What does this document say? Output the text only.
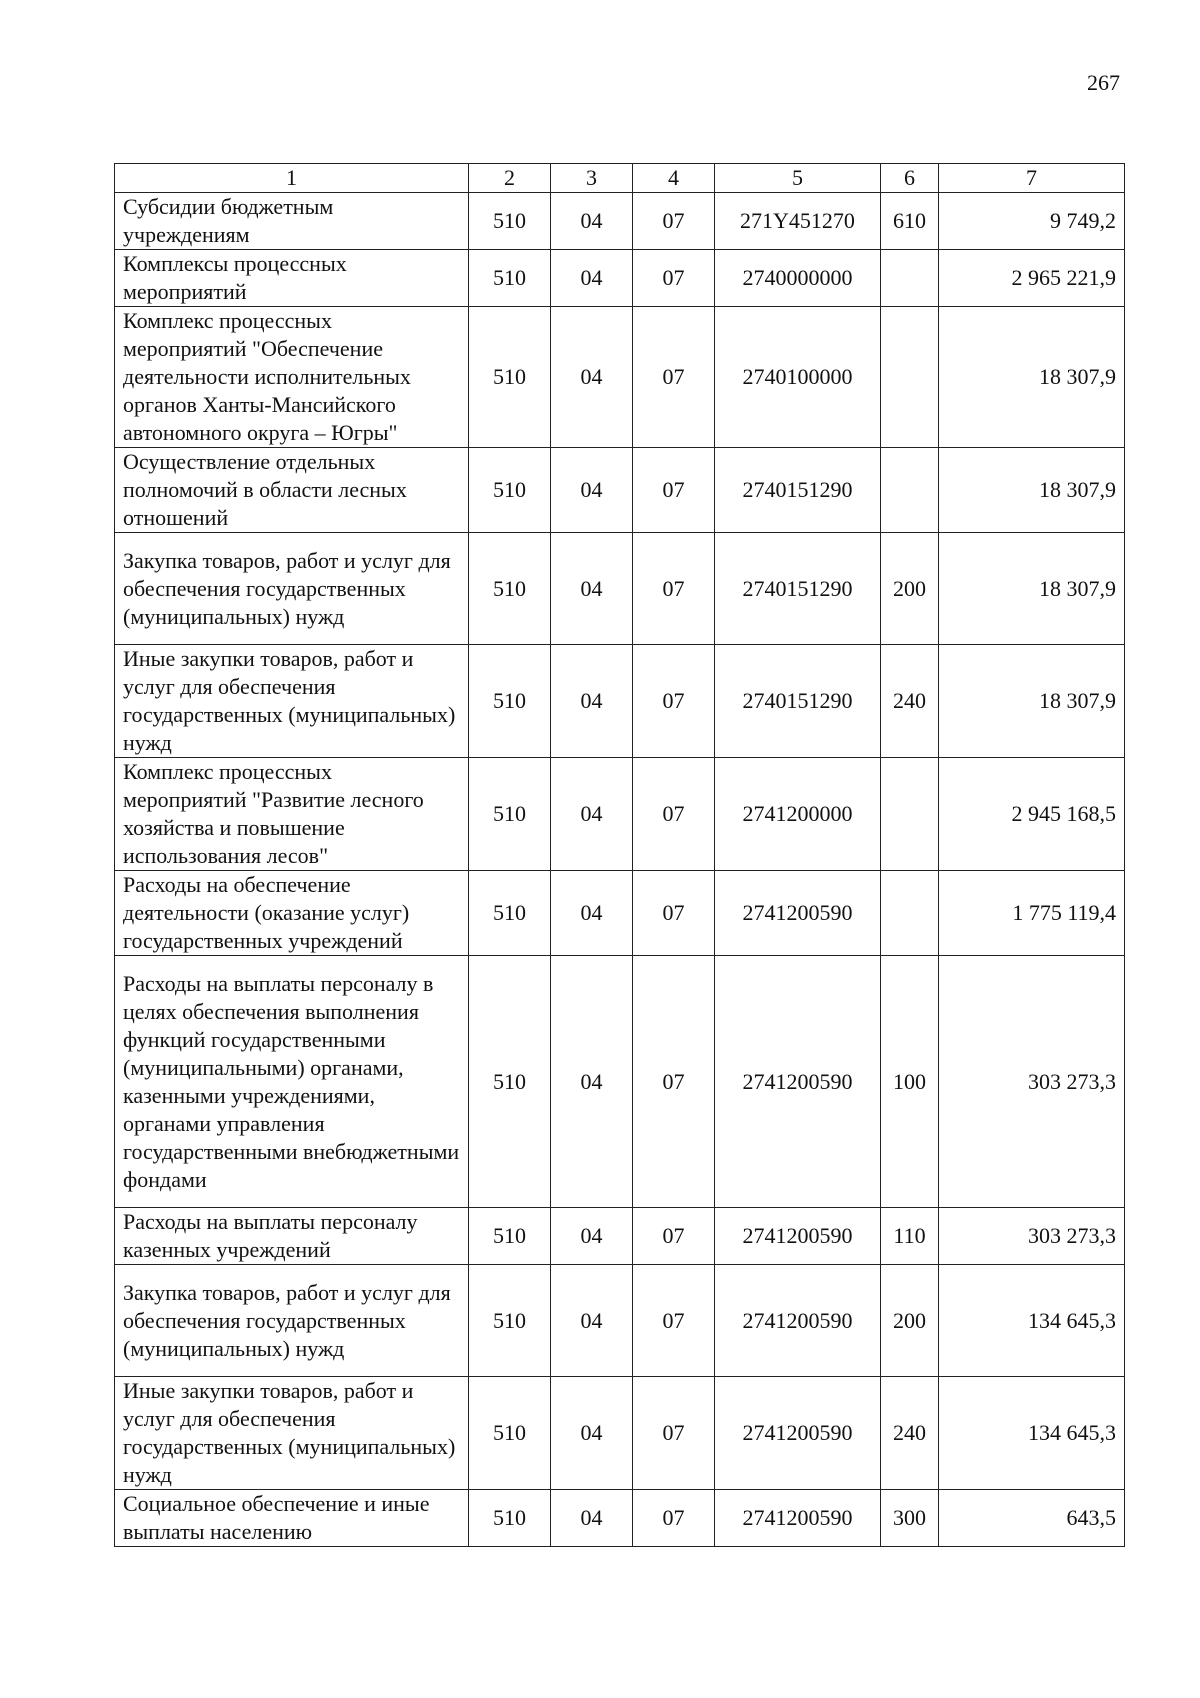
267
1	2	3	4	5	6	7
Субсидии бюджетным учреждениям	510	04	07	271Y451270	610	9 749,2
Комплексы процессных мероприятий	510	04	07	2740000000		2 965 221,9
Комплекс процессных мероприятий "Обеспечение деятельности исполнительных органов Ханты-Мансийского автономного округа – Югры"	510	04	07	2740100000		18 307,9
Осуществление отдельных полномочий в области лесных отношений	510	04	07	2740151290		18 307,9
Закупка товаров, работ и услуг для обеспечения государственных (муниципальных) нужд	510	04	07	2740151290	200	18 307,9
Иные закупки товаров, работ и услуг для обеспечения государственных (муниципальных) нужд	510	04	07	2740151290	240	18 307,9
Комплекс процессных мероприятий "Развитие лесного хозяйства и повышение использования лесов"	510	04	07	2741200000		2 945 168,5
Расходы на обеспечение деятельности (оказание услуг) государственных учреждений	510	04	07	2741200590		1 775 119,4
Расходы на выплаты персоналу в целях обеспечения выполнения функций государственными (муниципальными) органами, казенными учреждениями, органами управления государственными внебюджетными фондами	510	04	07	2741200590	100	303 273,3
Расходы на выплаты персоналу казенных учреждений	510	04	07	2741200590	110	303 273,3
Закупка товаров, работ и услуг для обеспечения государственных (муниципальных) нужд	510	04	07	2741200590	200	134 645,3
Иные закупки товаров, работ и услуг для обеспечения государственных (муниципальных) нужд	510	04	07	2741200590	240	134 645,3
Социальное обеспечение и иные выплаты населению	510	04	07	2741200590	300	643,5
